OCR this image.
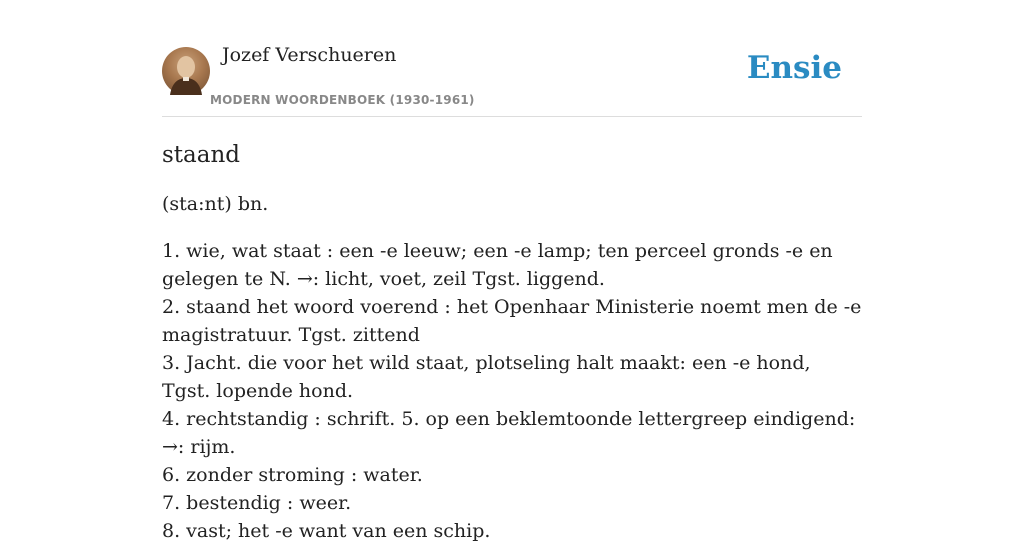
Jozef Verschueren
MODERN WOORDENBOEK (1930-1961)
Ensie
staand
(sta:nt) bn.
1. wie, wat staat : een -e leeuw; een -e lamp; ten perceel gronds -e en gelegen te N. →: licht, voet, zeil Tgst. liggend.
2. staand het woord voerend : het Openhaar Ministerie noemt men de -e magistratuur. Tgst. zittend
3. Jacht. die voor het wild staat, plotseling halt maakt: een -e hond, Tgst. lopende hond.
4. rechtstandig : schrift. 5. op een beklemtoonde lettergreep eindigend: →: rijm.
6. zonder stroming : water.
7. bestendig : weer.
8. vast; het -e want van een schip.
